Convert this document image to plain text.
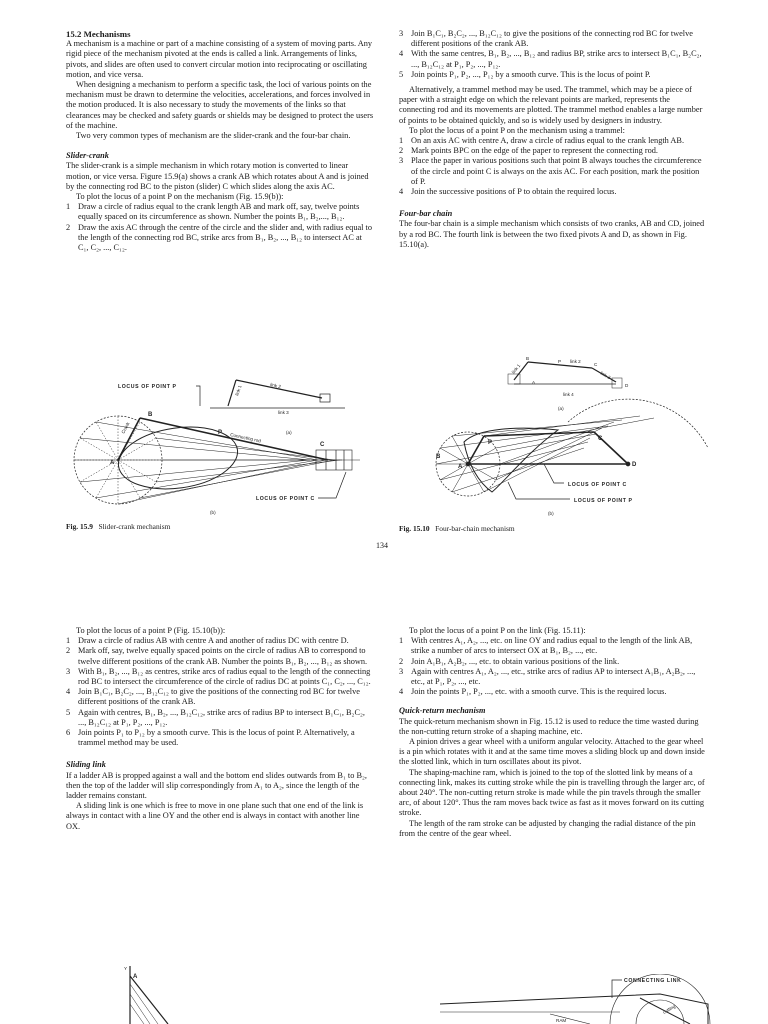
15.2 Mechanisms

A mechanism is a machine or part of a machine consisting of a system of moving parts. Any rigid piece of the mechanism pivoted at the ends is called a link. Arrangements of links, pivots, and slides are often used to convert circular motion into reciprocating or oscillating motion, and vice versa.

When designing a mechanism to perform a specific task, the loci of various points on the mechanism must be drawn to determine the velocities, accelerations, and forces involved in the motion produced. It is also necessary to study the movements of the links so that clearances may be checked and safety guards or shields may be designed to protect the users of the machine.

Two very common types of mechanism are the slider-crank and the four-bar chain.

Slider-crank

The slider-crank is a simple mechanism in which rotary motion is converted to linear motion, or vice versa. Figure 15.9(a) shows a crank AB which rotates about A and is joined by the connecting rod BC to the piston (slider) C which slides along the axis AC.

To plot the locus of a point P on the mechanism (Fig. 15.9(b)):

1 Draw a circle of radius equal to the crank length AB and mark off, say, twelve points equally spaced on its circumference as shown. Number the points B₁, B₂,..., B₁₂.
2 Draw the axis AC through the centre of the circle and the slider and, with radius equal to the length of the connecting rod BC, strike arcs from B₁, B₂, ..., B₁₂ to intersect AC at C₁, C₂, ..., C₁₂.
3 Join B₁C₁, B₂C₂, ..., B₁₂C₁₂ to give the positions of the connecting rod BC for twelve different positions of the crank AB.
4 With the same centres, B₁, B₂, ..., B₁₂ and radius BP, strike arcs to intersect B₁C₁, B₂C₂, ..., B₁₂C₁₂ at P₁, P₂, ..., P₁₂.
5 Join points P₁, P₂, ..., P₁₂ by a smooth curve. This is the locus of point P.

Alternatively, a trammel method may be used. The trammel, which may be a piece of paper with a straight edge on which the relevant points are marked, represents the connecting rod and its movements are plotted. The trammel method enables a large number of points to be obtained quickly, and so is widely used by designers in industry.

To plot the locus of a point P on the mechanism using a trammel:

1 On an axis AC with centre A, draw a circle of radius equal to the crank length AB.
2 Mark points BPC on the edge of the paper to represent the connecting rod.
3 Place the paper in various positions such that point B always touches the circumference of the circle and point C is always on the axis AC. For each position, mark the position of P.
4 Join the successive positions of P to obtain the required locus.

Four-bar chain

The four-bar chain is a simple mechanism which consists of two cranks, AB and CD, joined by a rod BC. The fourth link is between the two fixed pivots A and D, as shown in Fig. 15.10(a).

LOCUS OF POINT P	link 1	link 2
link 3
(a)
A
B
P
C
Crank
Connecting rod
LOCUS OF POINT C
(b)
Fig. 15.9 Slider-crank mechanism
A
B
P link 2
C
D
link 1
link 3
link 4
(a)
A
B
P
C
D
LOCUS OF POINT C
LOCUS OF POINT P
(b)
Fig. 15.10 Four-bar-chain mechanism
134

To plot the locus of a point P (Fig. 15.10(b)):

1 Draw a circle of radius AB with centre A and another of radius DC with centre D.
2 Mark off, say, twelve equally spaced points on the circle of radius AB to correspond to twelve different positions of the crank AB. Number the points B₁, B₂, ..., B₁₂ as shown.
3 With B₁, B₂, ..., B₁₂ as centres, strike arcs of radius equal to the length of the connecting rod BC to intersect the circumference of the circle of radius DC at points C₁, C₂, ..., C₁₂.
4 Join B₁C₁, B₂C₂, ..., B₁₂C₁₂ to give the positions of the connecting rod BC for twelve different positions of the crank AB.
5 Again with centres, B₁, B₂, ..., B₁₂C₁₂, strike arcs of radius BP to intersect B₁C₁, B₂C₂, ..., B₁₂C₁₂ at P₁, P₂, ..., P₁₂.
6 Join points P₁ to P₁₂ by a smooth curve. This is the locus of point P. Alternatively, a trammel method may be used.

Sliding link

If a ladder AB is propped against a wall and the bottom end slides outwards from B₁ to B₂, then the top of the ladder will slip correspondingly from A₁ to A₂, since the length of the ladder remains constant.

A sliding link is one which is free to move in one plane such that one end of the link is always in contact with a line OY and the other end is always in contact with another line OX.

Y
A

To plot the locus of a point P on the link (Fig. 15.11):

1 With centres A₁, A₂, ..., etc. on line OY and radius equal to the length of the link AB, strike a number of arcs to intersect OX at B₁, B₂, ..., etc.
2 Join A₁B₁, A₂B₂, ..., etc. to obtain various positions of the link.
3 Again with centres A₁, A₂, ..., etc., strike arcs of radius AP to intersect A₁B₁, A₂B₂, ..., etc., at P₁, P₂, ..., etc.
4 Join the points P₁, P₂, ..., etc. with a smooth curve. This is the required locus.

Quick-return mechanism

The quick-return mechanism shown in Fig. 15.12 is used to reduce the time wasted during the non-cutting return stroke of a shaping machine, etc.

A pinion drives a gear wheel with a uniform angular velocity. Attached to the gear wheel is a pin which rotates with it and at the same time moves a sliding block up and down inside the slotted link, which in turn oscillates about its pivot.

The shaping-machine ram, which is joined to the top of the slotted link by means of a connecting link, makes its cutting stroke while the pin is travelling through the larger arc, of about 240°. The non-cutting return stroke is made while the pin travels through the smaller arc, of about 120°. Thus the ram moves back twice as fast as it moves forward on its cutting stroke.

The length of the ram stroke can be adjusted by changing the radial distance of the pin from the centre of the gear wheel.

CONNECTING LINK
RAM
cutting
